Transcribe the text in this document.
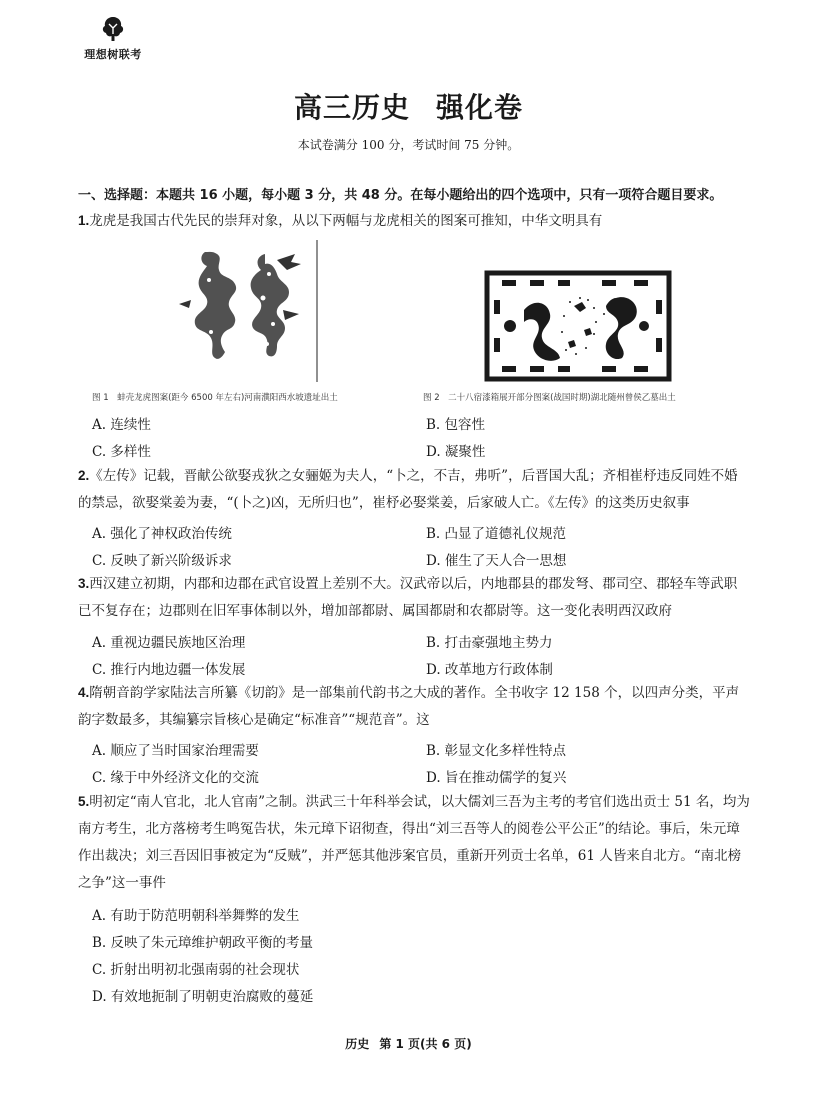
理想树联考
高三历史 强化卷
本试卷满分 100 分，考试时间 75 分钟。
一、选择题：本题共 16 小题，每小题 3 分，共 48 分。在每小题给出的四个选项中，只有一项符合题目要求。
1.龙虎是我国古代先民的崇拜对象，从以下两幅与龙虎相关的图案可推知，中华文明具有
图 1　蚌壳龙虎图案(距今 6500 年左右)河南濮阳西水坡遗址出土	图 2　二十八宿漆箱展开部分图案(战国时期)湖北随州曾侯乙墓出土
A. 连续性	B. 包容性
C. 多样性	D. 凝聚性
2.《左传》记载，晋献公欲娶戎狄之女骊姬为夫人，“卜之，不吉，弗听”，后晋国大乱；齐相崔杼违反同姓不婚的禁忌，欲娶棠姜为妻，“(卜之)凶，无所归也”，崔杼必娶棠姜，后家破人亡。《左传》的这类历史叙事
A. 强化了神权政治传统	B. 凸显了道德礼仪规范
C. 反映了新兴阶级诉求	D. 催生了天人合一思想
3.西汉建立初期，内郡和边郡在武官设置上差别不大。汉武帝以后，内地郡县的郡发弩、郡司空、郡轻车等武职已不复存在；边郡则在旧军事体制以外，增加部都尉、属国都尉和农都尉等。这一变化表明西汉政府
A. 重视边疆民族地区治理	B. 打击豪强地主势力
C. 推行内地边疆一体发展	D. 改革地方行政体制
4.隋朝音韵学家陆法言所纂《切韵》是一部集前代韵书之大成的著作。全书收字 12 158 个，以四声分类，平声韵字数最多，其编纂宗旨核心是确定“标准音”“规范音”。这
A. 顺应了当时国家治理需要	B. 彰显文化多样性特点
C. 缘于中外经济文化的交流	D. 旨在推动儒学的复兴
5.明初定“南人官北，北人官南”之制。洪武三十年科举会试，以大儒刘三吾为主考的考官们选出贡士 51 名，均为南方考生，北方落榜考生鸣冤告状，朱元璋下诏彻查，得出“刘三吾等人的阅卷公平公正”的结论。事后，朱元璋作出裁决；刘三吾因旧事被定为“反贼”，并严惩其他涉案官员，重新开列贡士名单，61 人皆来自北方。“南北榜之争”这一事件
A. 有助于防范明朝科举舞弊的发生
B. 反映了朱元璋维护朝政平衡的考量
C. 折射出明初北强南弱的社会现状
D. 有效地扼制了明朝吏治腐败的蔓延
历史 第 1 页(共 6 页)
